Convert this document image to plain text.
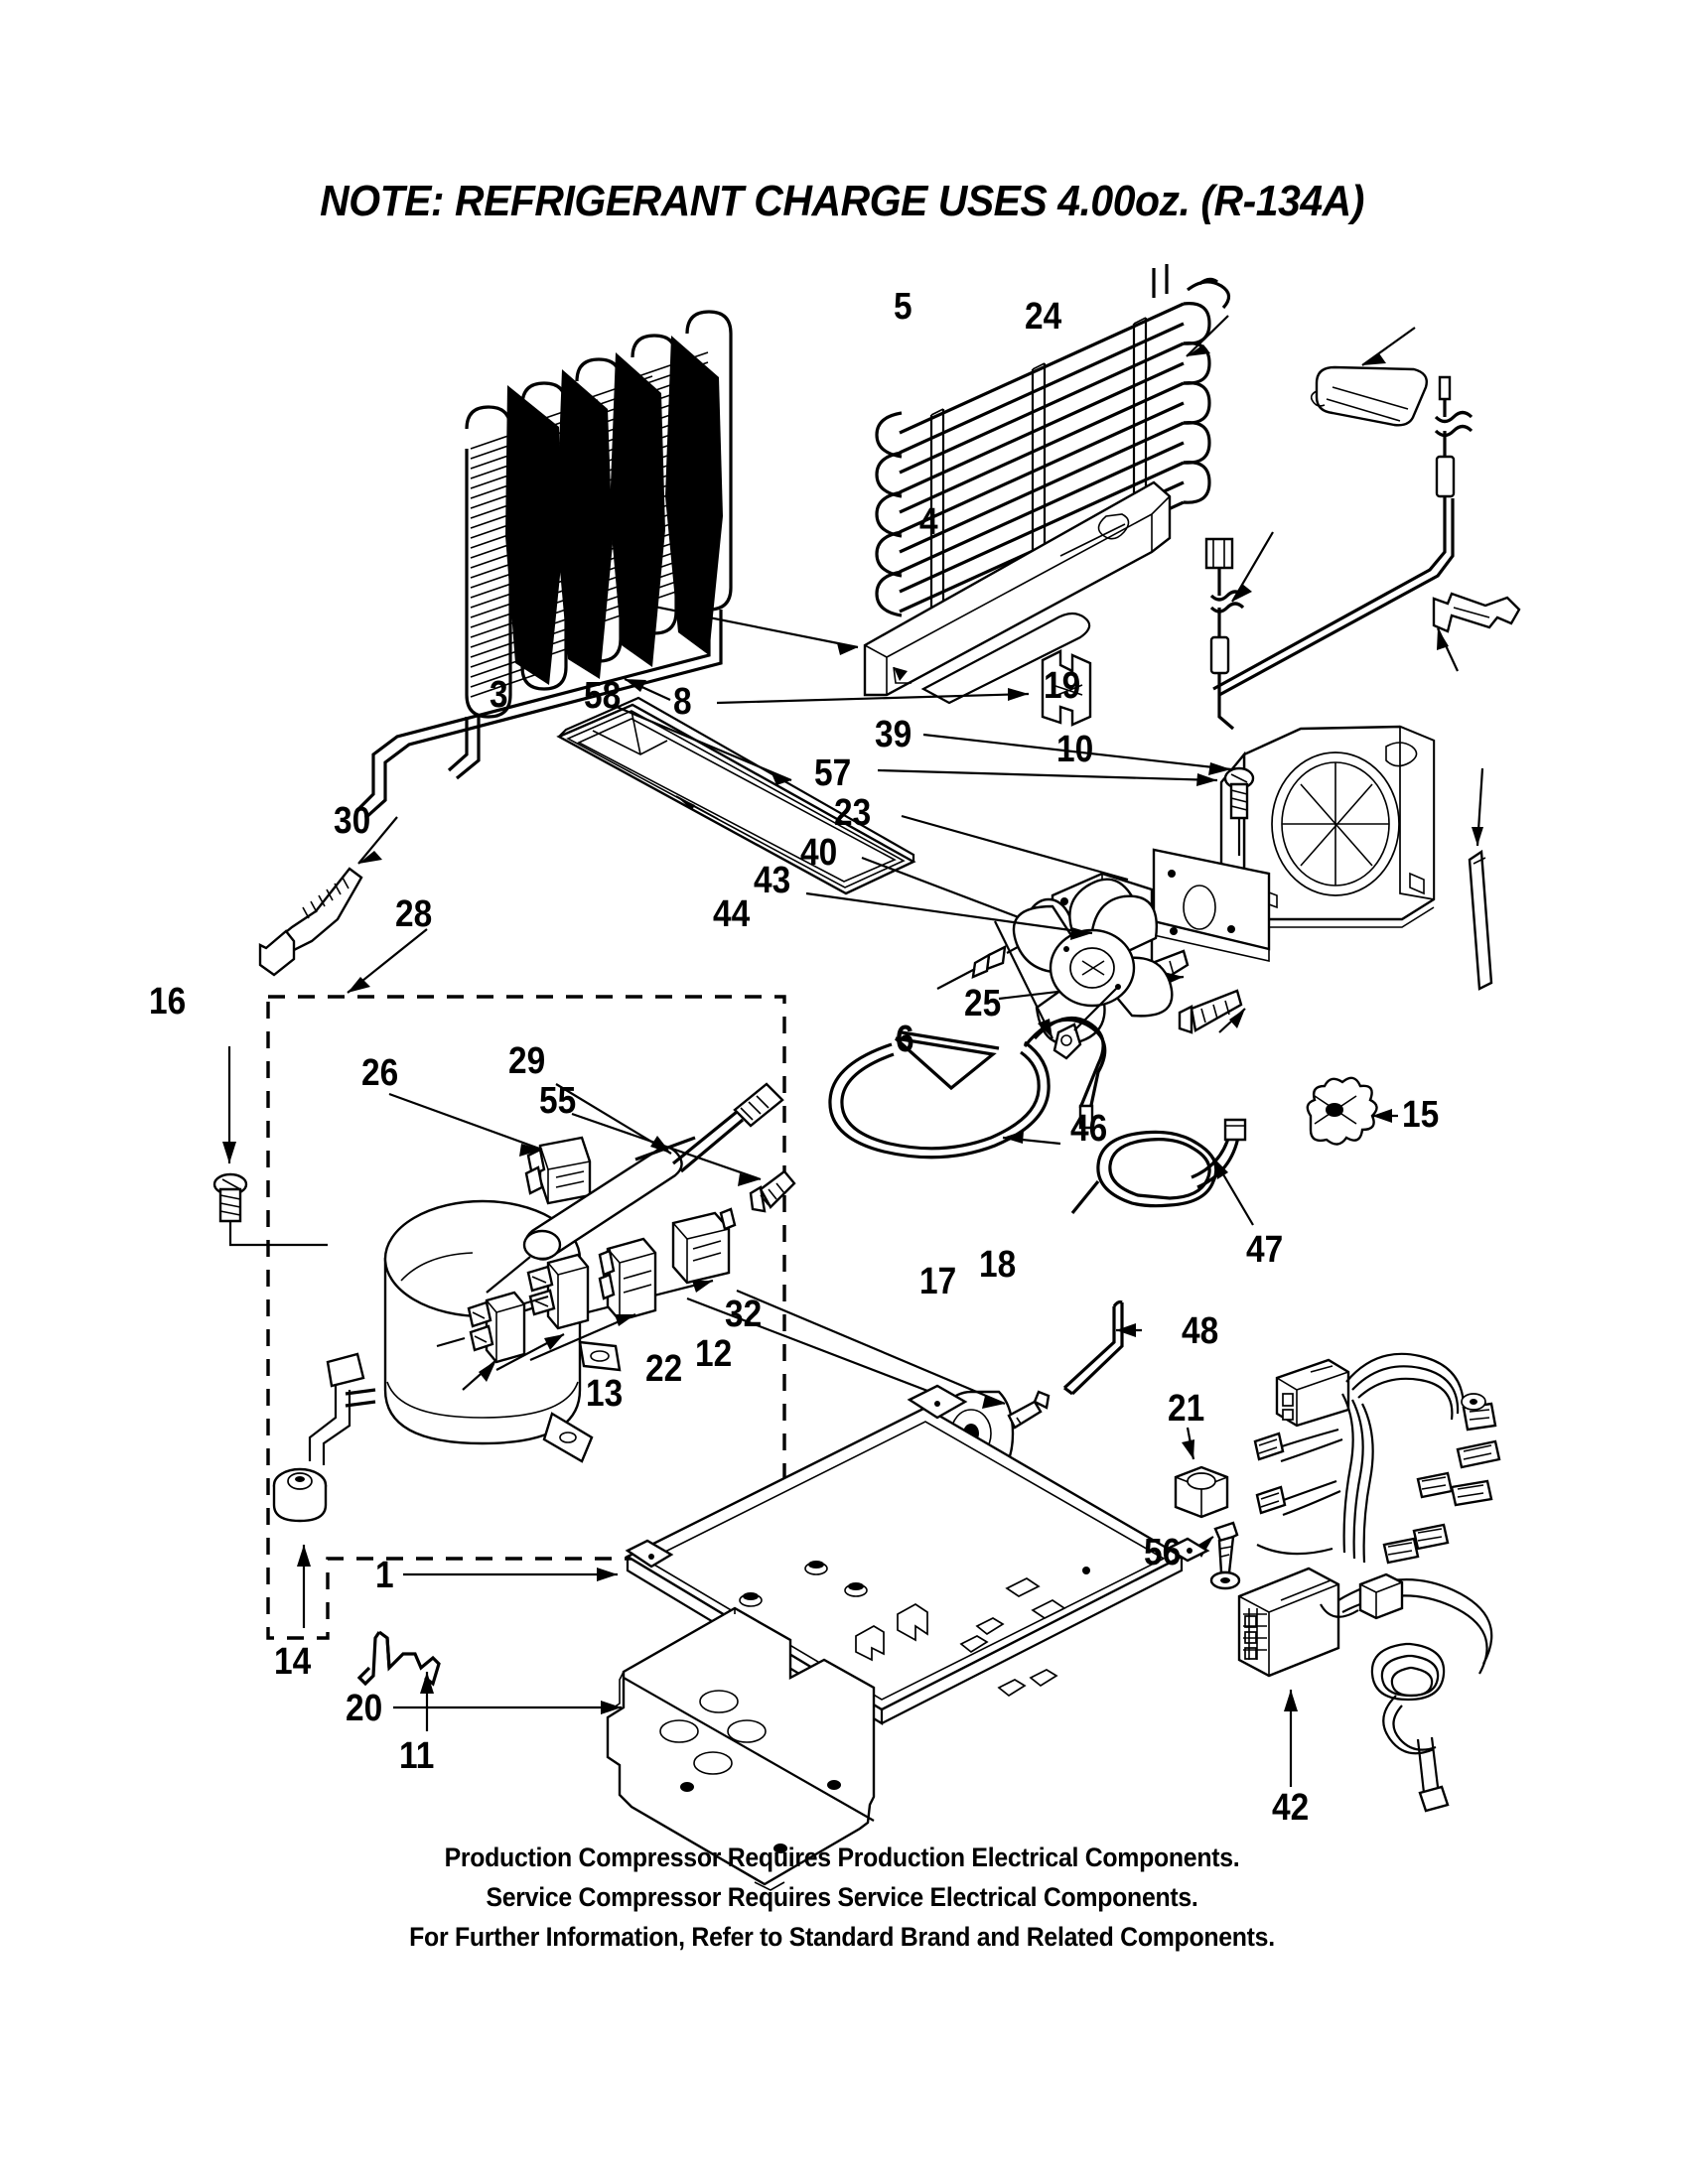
NOTE: REFRIGERANT CHARGE USES 4.00oz. (R-134A)
5	24
4
7
19
8
3 58
39	10
57
23
40
43
30
44
25
6
28
16
26	29
55	15
46
47
32
12
22
13
17 18
48
21
56
1
20
14
11
42
Production Compressor Requires Production Electrical Components.
Service Compressor Requires Service Electrical Components.
For Further Information, Refer to Standard Brand and Related Components.
